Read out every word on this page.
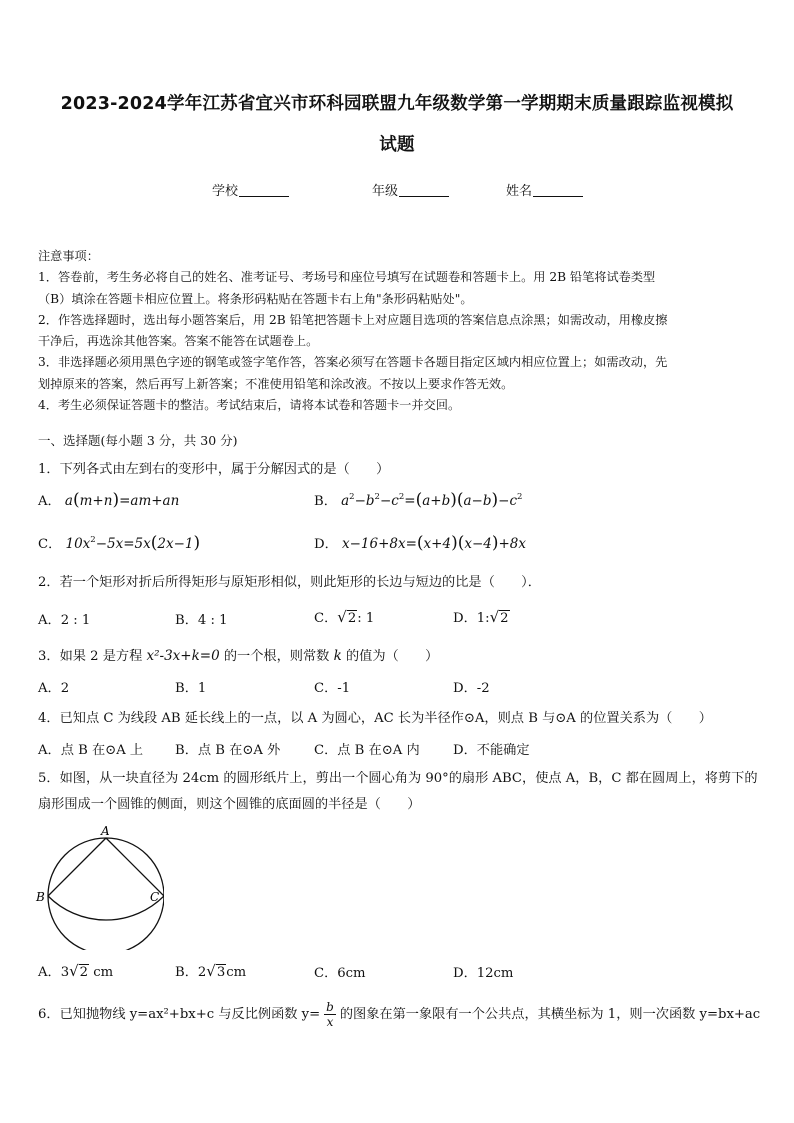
2023-2024学年江苏省宜兴市环科园联盟九年级数学第一学期期末质量跟踪监视模拟
试题
学校	年级	姓名

注意事项：

1．答卷前，考生务必将自己的姓名、准考证号、考场号和座位号填写在试题卷和答题卡上。用 2B 铅笔将试卷类型

（B）填涂在答题卡相应位置上。将条形码粘贴在答题卡右上角"条形码粘贴处"。

2．作答选择题时，选出每小题答案后，用 2B 铅笔把答题卡上对应题目选项的答案信息点涂黑；如需改动，用橡皮擦

干净后，再选涂其他答案。答案不能答在试题卷上。

3．非选择题必须用黑色字迹的钢笔或签字笔作答，答案必须写在答题卡各题目指定区域内相应位置上；如需改动，先

划掉原来的答案，然后再写上新答案；不准使用铅笔和涂改液。不按以上要求作答无效。

4．考生必须保证答题卡的整洁。考试结束后，请将本试卷和答题卡一并交回。

一、选择题(每小题 3 分，共 30 分)
1．下列各式由左到右的变形中，属于分解因式的是（　　）
A． a(m+n)=am+an	B． $a^2-b^2-c^2=(a+b)(a-b)-c^2$
C． $10x^2-5x=5x(2x-1)$	D． x−16+8x=(x+4)(x−4)+8x
2．若一个矩形对折后所得矩形与原矩形相似，则此矩形的长边与短边的比是（　　）．
A．2 : 1	B．4 : 1	C．√2: 1	D．1:√2
3．如果 2 是方程 x²-3x+k=0 的一个根，则常数 k 的值为（　　）
A．2	B．1	C．-1	D．-2
4．已知点 C 为线段 AB 延长线上的一点，以 A 为圆心，AC 长为半径作⊙A，则点 B 与⊙A 的位置关系为（　　）
A．点 B 在⊙A 上 B．点 B 在⊙A 外	C．点 B 在⊙A 内	D．不能确定
5．如图，从一块直径为 24cm 的圆形纸片上，剪出一个圆心角为 90°的扇形 ABC，使点 A，B，C 都在圆周上，将剪下的扇形围成一个圆锥的侧面，则这个圆锥的底面圆的半径是（　　）
A
B	C
A．3√2 cm	B．2√3cm	C．6cm	D．12cm
6．已知抛物线 y=ax²+bx+c 与反比例函数 $y= \frac{b}{x}$ 的图象在第一象限有一个公共点，其横坐标为 1，则一次函数 y=bx+ac
